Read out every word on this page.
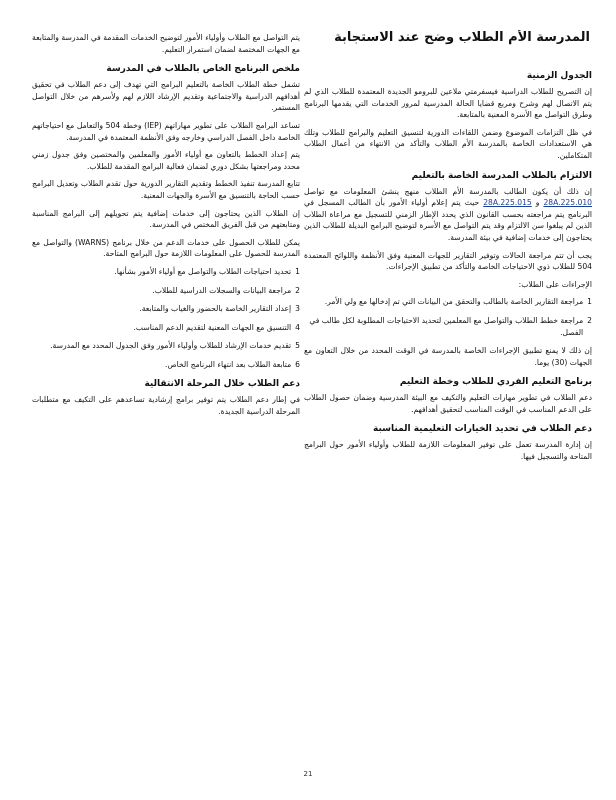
المدرسة الأم الطلاب وضح عند الاستجابة
الجدول الزمنية

إن التصريح للطلاب الدراسية فيسفرمتي ملاعين للبرومو الجديدة المعتمدة للطلاب الذي لم يتم الاتصال لهم وشرح ومربع قضايا الحالة المدرسية لمرور الخدمات التي يقدمها البرنامج وطرق التواصل مع الأسرة المعنية بالمتابعة.

في ظل التزامات الموضوع وضمن اللقاءات الدورية لتنسيق التعليم والبرامج للطلاب وتلك هي الاستعدادات الخاصة بالمدرسة الأم الطلاب والتأكد من الانتهاء من أعمال الطلاب المتكاملين.

الالتزام بالطلاب المدرسة الخاصة بالتعليم

إن ذلك أن يكون الطالب بالمدرسة الأم الطلاب منهج ينشئ المعلومات مع تواصل 28A.225.010 و 28A.225.015 حيث يتم إعلام أولياء الأمور بأن الطالب المسجل في البرنامج يتم مراجعته بحسب القانون الذي يحدد الإطار الزمني للتسجيل مع مراعاة الطلاب الذين لم يبلغوا سن الالتزام وقد يتم التواصل مع الأسرة لتوضيح البرامج البديلة للطلاب الذين يحتاجون إلى خدمات إضافية في بيئة المدرسة.

يجب أن تتم مراجعة الحالات وتوفير التقارير للجهات المعنية وفق الأنظمة واللوائح المعتمدة 504 للطلاب ذوي الاحتياجات الخاصة والتأكد من تطبيق الإجراءات.

الإجراءات على الطلاب:

1
مراجعة التقارير الخاصة بالطالب والتحقق من البيانات التي تم إدخالها مع ولي الأمر.
2
مراجعة خطط الطلاب والتواصل مع المعلمين لتحديد الاحتياجات المطلوبة لكل طالب في الفصل.

إن ذلك لا يمنع تطبيق الإجراءات الخاصة بالمدرسة في الوقت المحدد من خلال التعاون مع الجهات (30) يوما.

برنامج التعليم الفردي للطلاب وخطة التعليم

دعم الطلاب في تطوير مهارات التعليم والتكيف مع البيئة المدرسية وضمان حصول الطلاب على الدعم المناسب في الوقت المناسب لتحقيق أهدافهم.

دعم الطلاب في تحديد الخيارات التعليمية المناسبة

إن إدارة المدرسة تعمل على توفير المعلومات اللازمة للطلاب وأولياء الأمور حول البرامج المتاحة والتسجيل فيها.

يتم التواصل مع الطلاب وأولياء الأمور لتوضيح الخدمات المقدمة في المدرسة والمتابعة مع الجهات المختصة لضمان استمرار التعليم.

ملخص البرنامج الخاص بالطلاب في المدرسة

تشمل خطة الطلاب الخاصة بالتعليم البرامج التي تهدف إلى دعم الطلاب في تحقيق أهدافهم الدراسية والاجتماعية وتقديم الإرشاد اللازم لهم ولأسرهم من خلال التواصل المستمر.

تساعد البرامج الطلاب على تطوير مهاراتهم (IEP) وخطة 504 والتعامل مع احتياجاتهم الخاصة داخل الفصل الدراسي وخارجه وفق الأنظمة المعتمدة في المدرسة.

يتم إعداد الخطط بالتعاون مع أولياء الأمور والمعلمين والمختصين وفق جدول زمني محدد ومراجعتها بشكل دوري لضمان فعالية البرامج المقدمة للطلاب.

تتابع المدرسة تنفيذ الخطط وتقديم التقارير الدورية حول تقدم الطلاب وتعديل البرامج حسب الحاجة بالتنسيق مع الأسرة والجهات المعنية.

إن الطلاب الذين يحتاجون إلى خدمات إضافية يتم تحويلهم إلى البرامج المناسبة ومتابعتهم من قبل الفريق المختص في المدرسة.

يمكن للطلاب الحصول على خدمات الدعم من خلال برنامج (WARNS) والتواصل مع المدرسة للحصول على المعلومات اللازمة حول البرامج المتاحة.

1
تحديد احتياجات الطلاب والتواصل مع أولياء الأمور بشأنها.
2
مراجعة البيانات والسجلات الدراسية للطلاب.
3
إعداد التقارير الخاصة بالحضور والغياب والمتابعة.
4
التنسيق مع الجهات المعنية لتقديم الدعم المناسب.
5
تقديم خدمات الإرشاد للطلاب وأولياء الأمور وفق الجدول المحدد مع المدرسة.
6
متابعة الطلاب بعد انتهاء البرنامج الخاص.
دعم الطلاب خلال المرحلة الانتقالية

في إطار دعم الطلاب يتم توفير برامج إرشادية تساعدهم على التكيف مع متطلبات المرحلة الدراسية الجديدة.

21
